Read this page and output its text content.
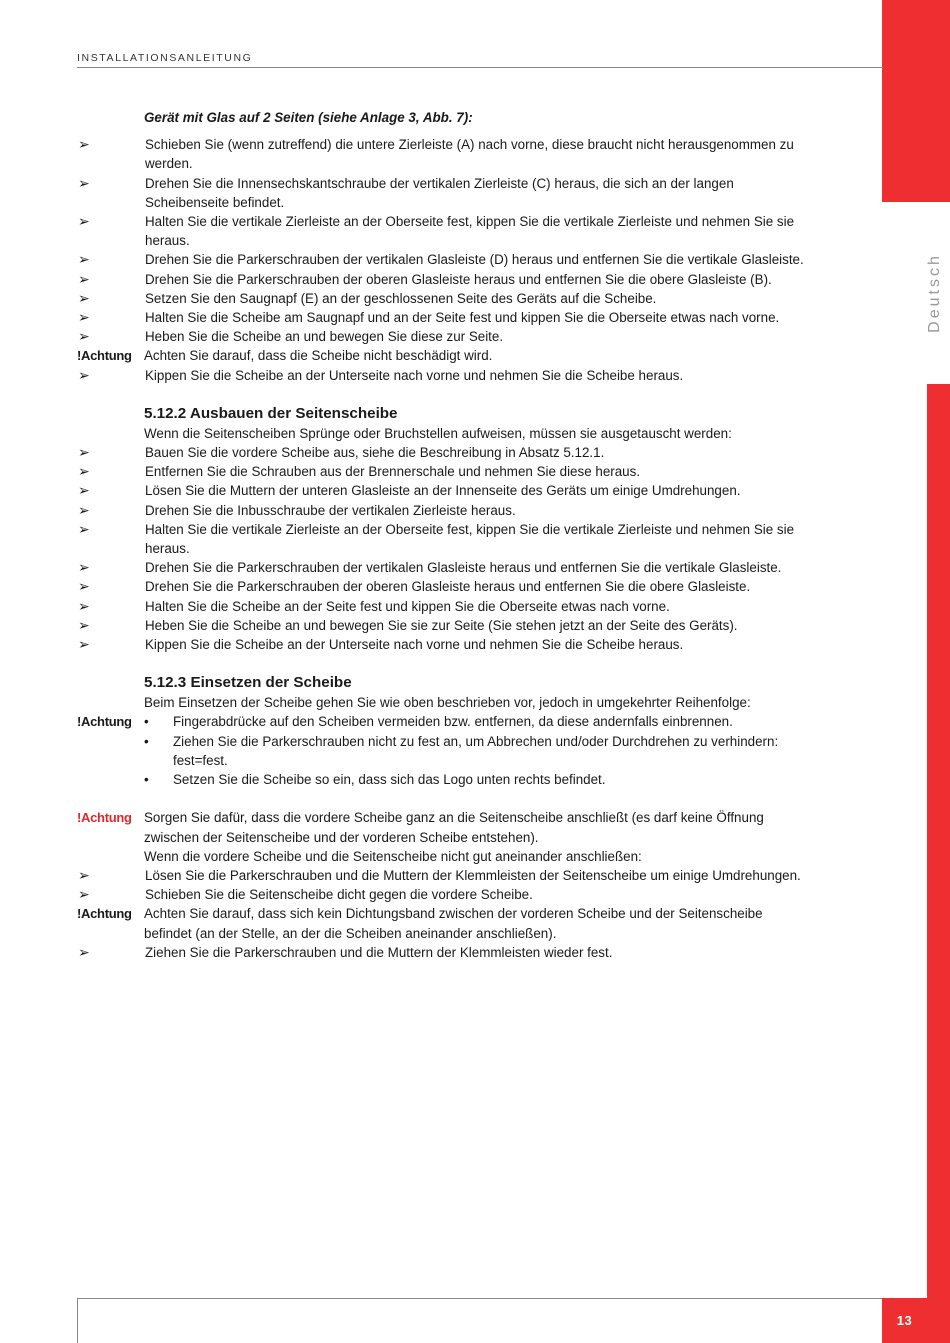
Deutsch
INSTALLATIONSANLEITUNG
Gerät mit Glas auf 2 Seiten (siehe Anlage 3, Abb. 7):
➢	Schieben Sie (wenn zutreffend) die untere Zierleiste (A) nach vorne, diese braucht nicht herausgenommen zu werden.
➢	Drehen Sie die Innensechskantschraube der vertikalen Zierleiste (C) heraus, die sich an der langen Scheibenseite befindet.
➢	Halten Sie die vertikale Zierleiste an der Oberseite fest, kippen Sie die vertikale Zierleiste und nehmen Sie sie heraus.
➢	Drehen Sie die Parkerschrauben der vertikalen Glasleiste (D) heraus und entfernen Sie die vertikale Glasleiste.
➢	Drehen Sie die Parkerschrauben der oberen Glasleiste heraus und entfernen Sie die obere Glasleiste (B).
➢	Setzen Sie den Saugnapf (E) an der geschlossenen Seite des Geräts auf die Scheibe.
➢	Halten Sie die Scheibe am Saugnapf und an der Seite fest und kippen Sie die Oberseite etwas nach vorne.
➢	Heben Sie die Scheibe an und bewegen Sie diese zur Seite.
!Achtung Achten Sie darauf, dass die Scheibe nicht beschädigt wird.
➢	Kippen Sie die Scheibe an der Unterseite nach vorne und nehmen Sie die Scheibe heraus.
5.12.2 Ausbauen der Seitenscheibe
Wenn die Seitenscheiben Sprünge oder Bruchstellen aufweisen, müssen sie ausgetauscht werden:
➢	Bauen Sie die vordere Scheibe aus, siehe die Beschreibung in Absatz 5.12.1.
➢	Entfernen Sie die Schrauben aus der Brennerschale und nehmen Sie diese heraus.
➢	Lösen Sie die Muttern der unteren Glasleiste an der Innenseite des Geräts um einige Umdrehungen.
➢	Drehen Sie die Inbusschraube der vertikalen Zierleiste heraus.
➢	Halten Sie die vertikale Zierleiste an der Oberseite fest, kippen Sie die vertikale Zierleiste und nehmen Sie sie heraus.
➢	Drehen Sie die Parkerschrauben der vertikalen Glasleiste heraus und entfernen Sie die vertikale Glasleiste.
➢	Drehen Sie die Parkerschrauben der oberen Glasleiste heraus und entfernen Sie die obere Glasleiste.
➢	Halten Sie die Scheibe an der Seite fest und kippen Sie die Oberseite etwas nach vorne.
➢	Heben Sie die Scheibe an und bewegen Sie sie zur Seite (Sie stehen jetzt an der Seite des Geräts).
➢	Kippen Sie die Scheibe an der Unterseite nach vorne und nehmen Sie die Scheibe heraus.
5.12.3 Einsetzen der Scheibe
Beim Einsetzen der Scheibe gehen Sie wie oben beschrieben vor, jedoch in umgekehrter Reihenfolge:
!Achtung •	Fingerabdrücke auf den Scheiben vermeiden bzw. entfernen, da diese andernfalls einbrennen.
•	Ziehen Sie die Parkerschrauben nicht zu fest an, um Abbrechen und/oder Durchdrehen zu verhindern: fest=fest.
•	Setzen Sie die Scheibe so ein, dass sich das Logo unten rechts befindet.
!Achtung Sorgen Sie dafür, dass die vordere Scheibe ganz an die Seitenscheibe anschließt (es darf keine Öffnung zwischen der Seitenscheibe und der vorderen Scheibe entstehen).
Wenn die vordere Scheibe und die Seitenscheibe nicht gut aneinander anschließen:
➢	Lösen Sie die Parkerschrauben und die Muttern der Klemmleisten der Seitenscheibe um einige Umdrehungen.
➢	Schieben Sie die Seitenscheibe dicht gegen die vordere Scheibe.
!Achtung Achten Sie darauf, dass sich kein Dichtungsband zwischen der vorderen Scheibe und der Seitenscheibe befindet (an der Stelle, an der die Scheiben aneinander anschließen).
➢	Ziehen Sie die Parkerschrauben und die Muttern der Klemmleisten wieder fest.
13
